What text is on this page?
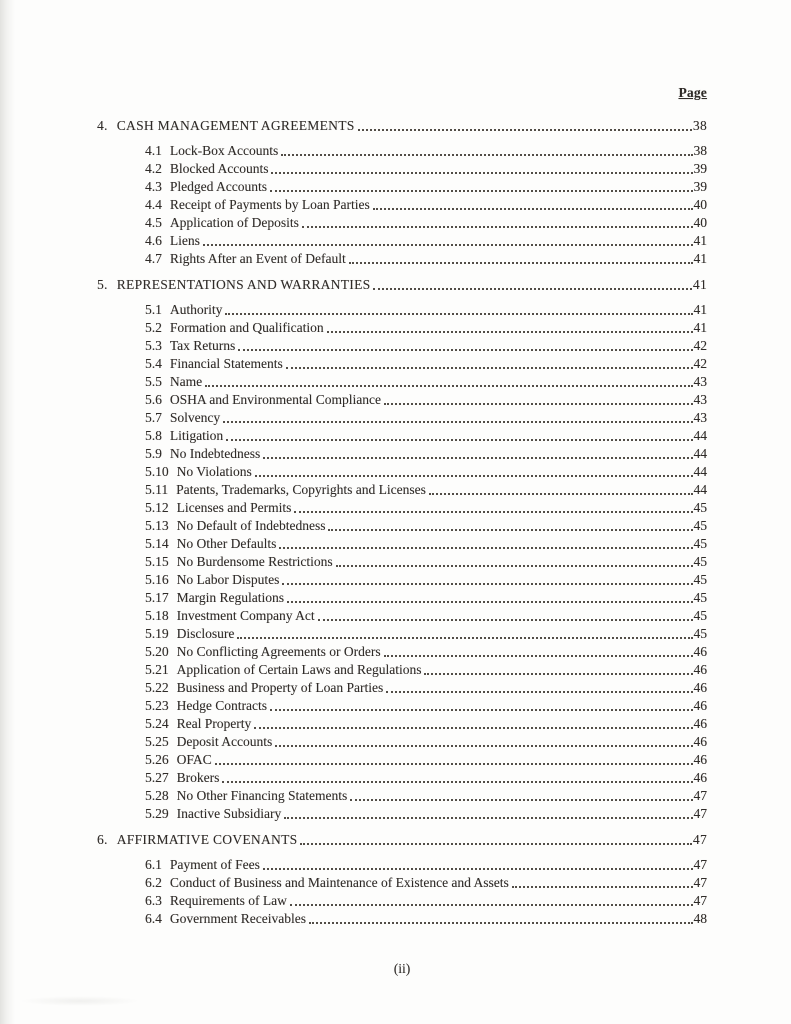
Page
4. CASH MANAGEMENT AGREEMENTS	38
4.1 Lock-Box Accounts	38
4.2 Blocked Accounts	39
4.3 Pledged Accounts	39
4.4 Receipt of Payments by Loan Parties	40
4.5 Application of Deposits	40
4.6 Liens	41
4.7 Rights After an Event of Default	41
5. REPRESENTATIONS AND WARRANTIES	41
5.1 Authority	41
5.2 Formation and Qualification	41
5.3 Tax Returns	42
5.4 Financial Statements	42
5.5 Name	43
5.6 OSHA and Environmental Compliance	43
5.7 Solvency	43
5.8 Litigation	44
5.9 No Indebtedness	44
5.10 No Violations	44
5.11 Patents, Trademarks, Copyrights and Licenses	44
5.12 Licenses and Permits	45
5.13 No Default of Indebtedness	45
5.14 No Other Defaults	45
5.15 No Burdensome Restrictions	45
5.16 No Labor Disputes	45
5.17 Margin Regulations	45
5.18 Investment Company Act	45
5.19 Disclosure	45
5.20 No Conflicting Agreements or Orders	46
5.21 Application of Certain Laws and Regulations	46
5.22 Business and Property of Loan Parties	46
5.23 Hedge Contracts	46
5.24 Real Property	46
5.25 Deposit Accounts	46
5.26 OFAC	46
5.27 Brokers	46
5.28 No Other Financing Statements	47
5.29 Inactive Subsidiary	47
6. AFFIRMATIVE COVENANTS	47
6.1 Payment of Fees	47
6.2 Conduct of Business and Maintenance of Existence and Assets	47
6.3 Requirements of Law	47
6.4 Government Receivables	48
(ii)
